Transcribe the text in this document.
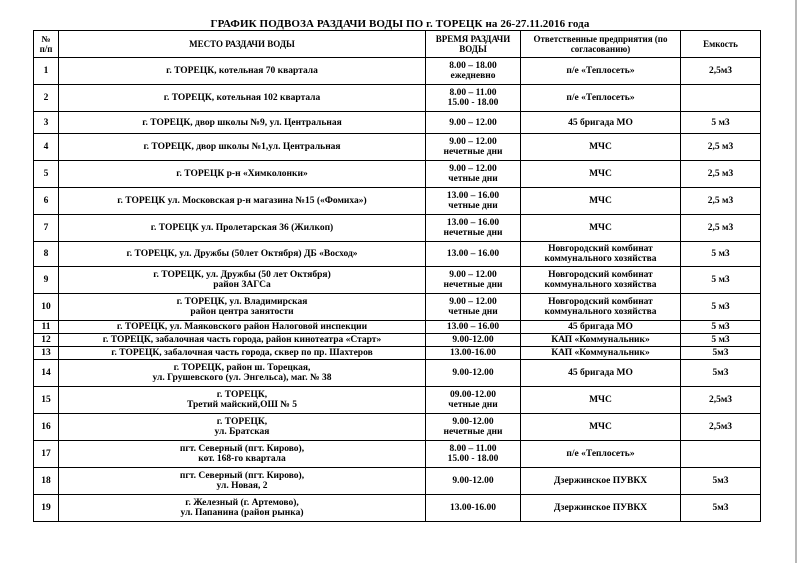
ГРАФИК ПОДВОЗА РАЗДАЧИ ВОДЫ ПО г. ТОРЕЦК на 26-27.11.2016 года
№
п/п	МЕСТО РАЗДАЧИ ВОДЫ	ВРЕМЯ РАЗДАЧИ
ВОДЫ	Ответственные предприятия (по
согласованию)	Емкость
1	г. ТОРЕЦК, котельная 70 квартала	8.00 – 18.00
ежедневно	п/е «Теплосеть»	2,5м3
2	г. ТОРЕЦК, котельная 102 квартала	8.00 – 11.00
15.00 - 18.00	п/е «Теплосеть»	

3	г. ТОРЕЦК, двор школы №9, ул. Центральная	9.00 – 12.00	45 бригада МО	5 м3
4	г. ТОРЕЦК, двор школы №1,ул. Центральная	9.00 – 12.00
нечетные дни	МЧС	2,5 м3
5	г. ТОРЕЦК р-н «Химколонки»	9.00 – 12.00
четные дни	МЧС	2,5 м3
6	г. ТОРЕЦК ул. Московская р-н магазина №15 («Фомиха»)	13.00 – 16.00
четные дни	МЧС	2,5 м3
7	г. ТОРЕЦК ул. Пролетарская 36 (Жилкоп)	13.00 – 16.00
нечетные дни	МЧС	2,5 м3
8	г. ТОРЕЦК, ул. Дружбы (50лет Октября) ДБ «Восход»	13.00 – 16.00	Новгородский комбинат
коммунального хозяйства	5 м3
9	г. ТОРЕЦК, ул. Дружбы (50 лет Октября)
район ЗАГСа	9.00 – 12.00
нечетные дни	Новгородский комбинат
коммунального хозяйства	5 м3
10	г. ТОРЕЦК, ул. Владимирская
район центра занятости	9.00 – 12.00
четные дни	Новгородский комбинат
коммунального хозяйства	5 м3
11	г. ТОРЕЦК, ул. Маяковского район Налоговой инспекции	13.00 – 16.00	45 бригада МО	5 м3
12	г. ТОРЕЦК, забалочная часть города, район кинотеатра «Старт»	9.00-12.00	КАП «Коммунальник»	5 м3
13	г. ТОРЕЦК, забалочная часть города, сквер по пр. Шахтеров	13.00-16.00	КАП «Коммунальник»	5м3
14	г. ТОРЕЦК, район ш. Торецкая,
ул. Грушевского (ул. Энгельса), маг. № 38	9.00-12.00	45 бригада МО	5м3
15	г. ТОРЕЦК,
Третий майский,ОШ № 5	09.00-12.00
четные дни	МЧС	2,5м3
16	г. ТОРЕЦК,
ул. Братская	9.00-12.00
нечетные дни	МЧС	2,5м3
17	пгт. Северный (пгт. Кирово),
кот. 168-го квартала	8.00 – 11.00
15.00 - 18.00	п/е «Теплосеть»	

18	пгт. Северный (пгт. Кирово),
ул. Новая, 2	9.00-12.00	Дзержинское ПУВКХ	5м3
19	г. Железный (г. Артемово),
ул. Папанина (район рынка)	13.00-16.00	Дзержинское ПУВКХ	5м3
